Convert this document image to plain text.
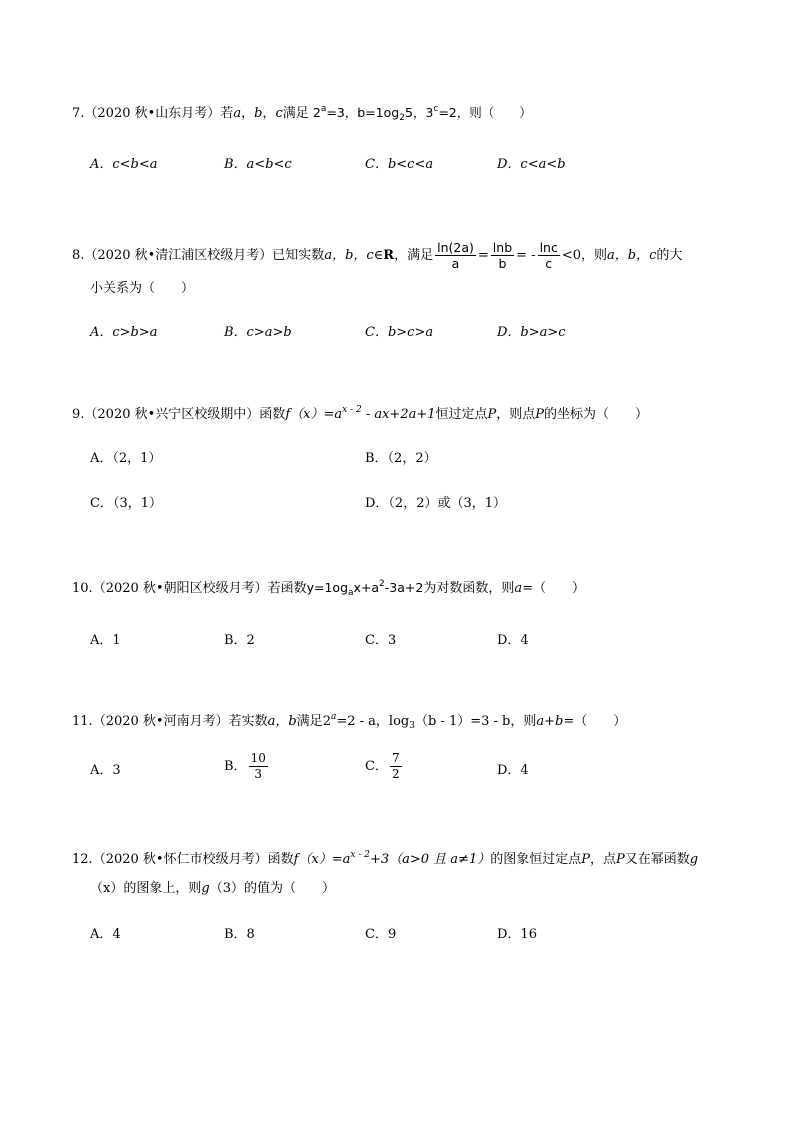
7.（2020 秋•山东月考）若a，b，c满足 $2^a=3$，$b=1og_25$，$3^c=2$，则（　　）
A．c<b<a	B．a<b<c	C．b<c<a	D．c<a<b
8.（2020 秋•清江浦区校级月考）已知实数a，b，c∈R，满足 $\frac{\ln(2a)}{a} = \frac{\ln b}{b}$ = - $\frac{\ln c}{c} <0$，则a，b，c的大
小关系为（　　）
A．c>b>a	B．c>a>b	C．b>c>a	D．b>a>c
9.（2020 秋•兴宁区校级期中）函数$f(x)=a^{x - 2} - ax+2a+1$恒过定点P，则点P的坐标为（　　）
A．（2，1）	B．（2，2）
C．（3，1）	D．（2，2）或（3，1）
10.（2020 秋•朝阳区校级月考）若函数$y=1og_ax+a^2-3a+2$为对数函数，则a=（　　）
A．1	B．2	C．3	D．4
11.（2020 秋•河南月考）若实数a，b满足$2^a=2 - a$，$\log_3(b - 1)=3 - b$，则a+b=（　　）
A．3	B． $\frac{10}{3}$	C． $\frac{7}{2}$	D．4
12.（2020 秋•怀仁市校级月考）函数$f(x)=a^{x - 2}+3(a>0$ 且 a≠1）的图象恒过定点P，点P又在幂函数g
（x）的图象上，则g（3）的值为（　　）
A．4	B．8	C．9	D．16
